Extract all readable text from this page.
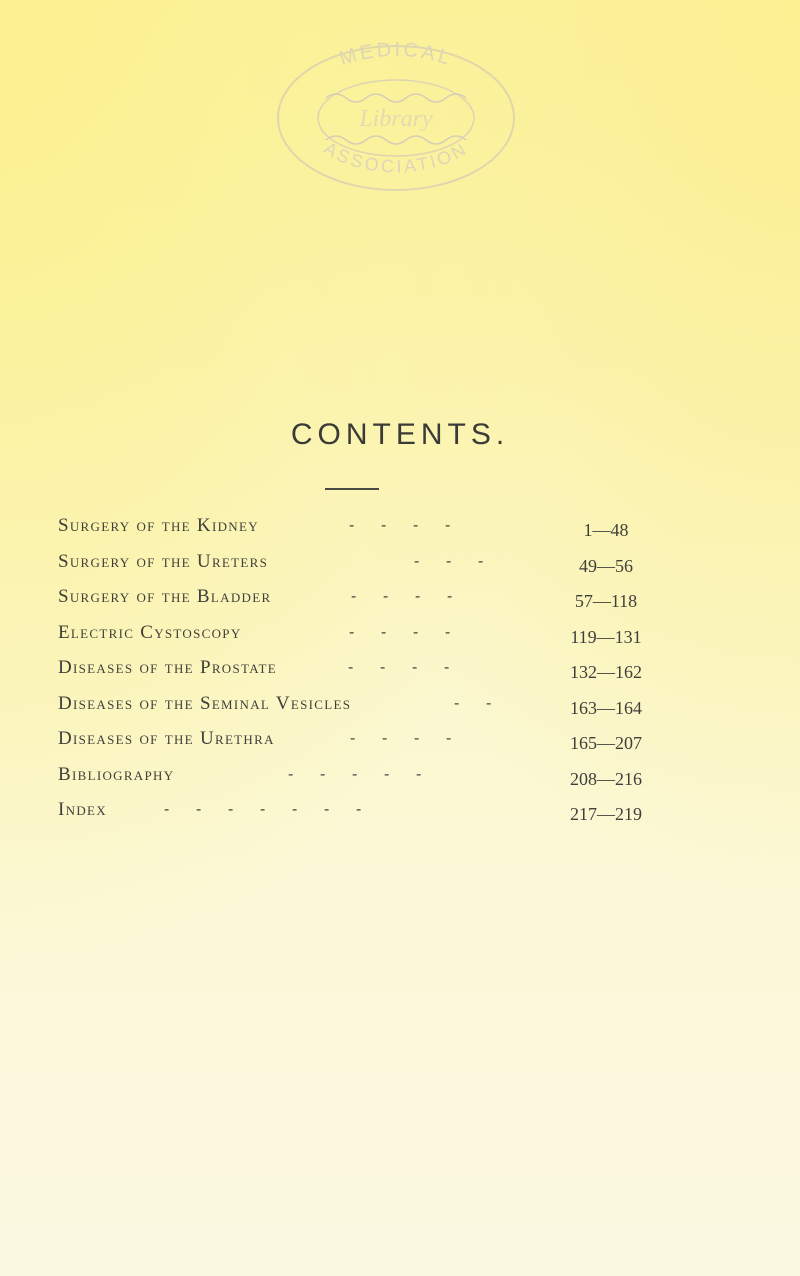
MEDICAL
ASSOCIATION
Library
CONTENTS.
Surgery of the Kidney	-      -      -      -	1—48
Surgery of the Ureters	-      -      -	49—56
Surgery of the Bladder	-      -      -      -	57—118
Electric Cystoscopy	-      -      -      -	119—131
Diseases of the Prostate	-      -      -      -	132—162
Diseases of the Seminal Vesicles	-      -	163—164
Diseases of the Urethra	-      -      -      -	165—207
Bibliography	-      -      -      -      -	208—216
Index	-      -      -      -      -      -      -	217—219
